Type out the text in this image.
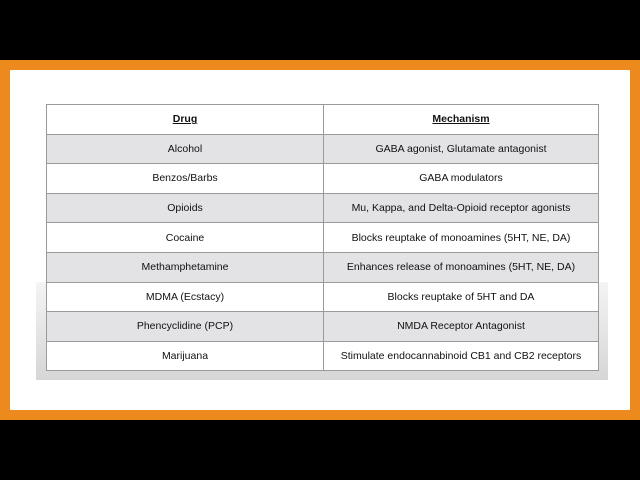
Drug	Mechanism
Alcohol	GABA agonist, Glutamate antagonist
Benzos/Barbs	GABA modulators
Opioids	Mu, Kappa, and Delta-Opioid receptor agonists
Cocaine	Blocks reuptake of monoamines (5HT, NE, DA)
Methamphetamine	Enhances release of monoamines (5HT, NE, DA)
MDMA (Ecstacy)	Blocks reuptake of 5HT and DA
Phencyclidine (PCP)	NMDA Receptor Antagonist
Marijuana	Stimulate endocannabinoid CB1 and CB2 receptors
